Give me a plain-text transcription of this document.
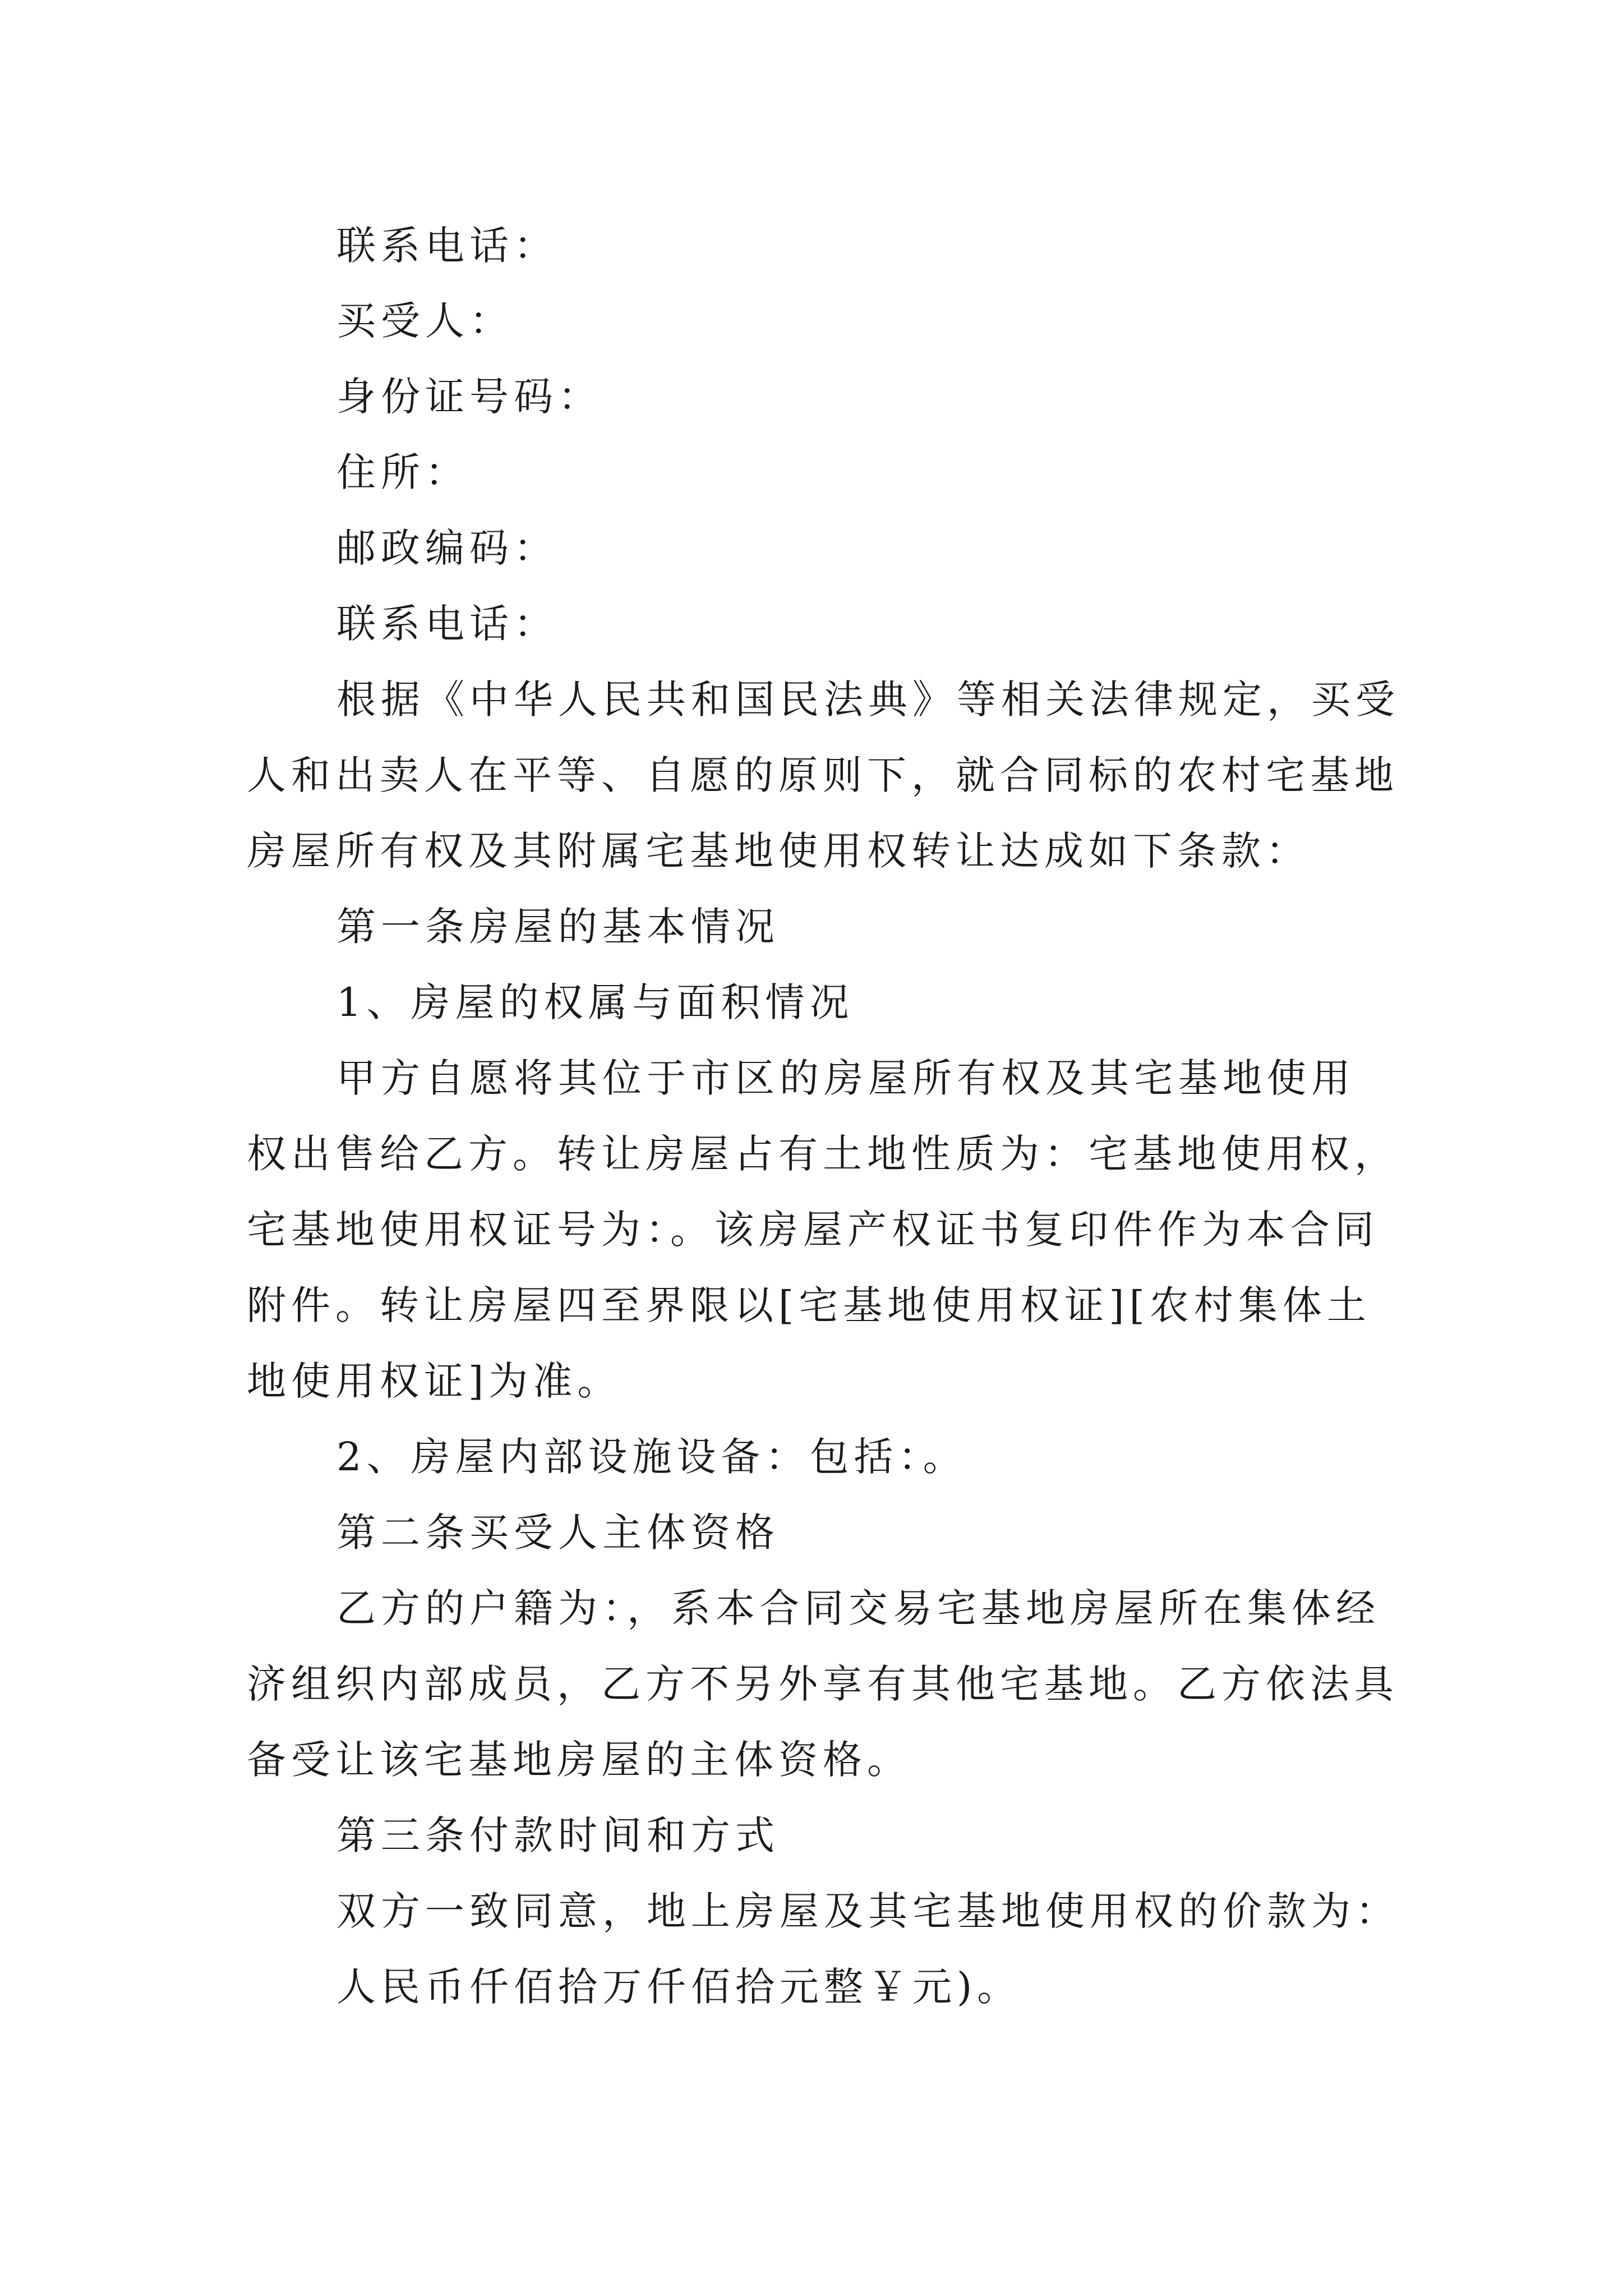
联系电话：
买受人：
身份证号码：
住所：
邮政编码：
联系电话：
根据《中华人民共和国民法典》等相关法律规定，买受
人和出卖人在平等、自愿的原则下，就合同标的农村宅基地
房屋所有权及其附属宅基地使用权转让达成如下条款：
第一条房屋的基本情况
1、房屋的权属与面积情况
甲方自愿将其位于市区的房屋所有权及其宅基地使用
权出售给乙方。转让房屋占有土地性质为：宅基地使用权，
宅基地使用权证号为：。该房屋产权证书复印件作为本合同
附件。转让房屋四至界限以[宅基地使用权证][农村集体土
地使用权证]为准。
2、房屋内部设施设备：包括：。
第二条买受人主体资格
乙方的户籍为：，系本合同交易宅基地房屋所在集体经
济组织内部成员，乙方不另外享有其他宅基地。乙方依法具
备受让该宅基地房屋的主体资格。
第三条付款时间和方式
双方一致同意，地上房屋及其宅基地使用权的价款为：
人民币仟佰拾万仟佰拾元整￥元)。
